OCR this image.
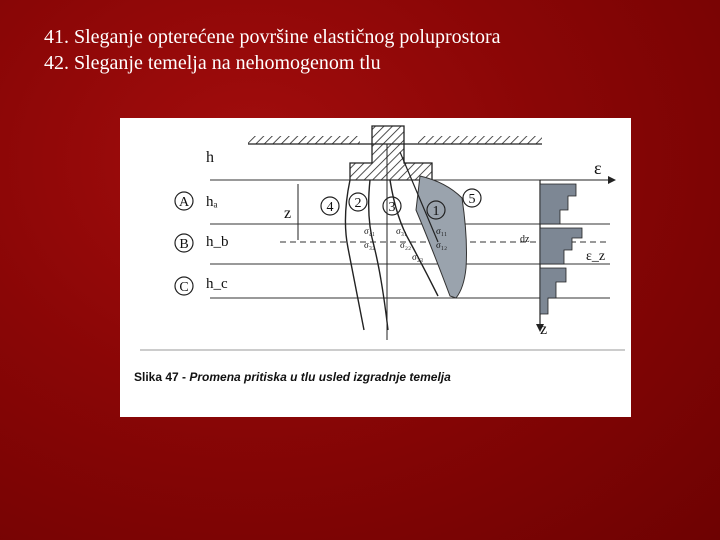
41. Sleganje opterećene površine elastičnog poluprostora
42. Sleganje temelja na nehomogenom tlu
h
hₐ
h_b
h_c
z
A
B
C
4 2 3	1
5
σ₄₁ σ₃₁	σ₁₁
σ₃₂	σ₂₂	σ₁₂
σ₂₃
ε
ε_z
dz
z
Slika 47 - Promena pritiska u tlu usled izgradnje temelja
